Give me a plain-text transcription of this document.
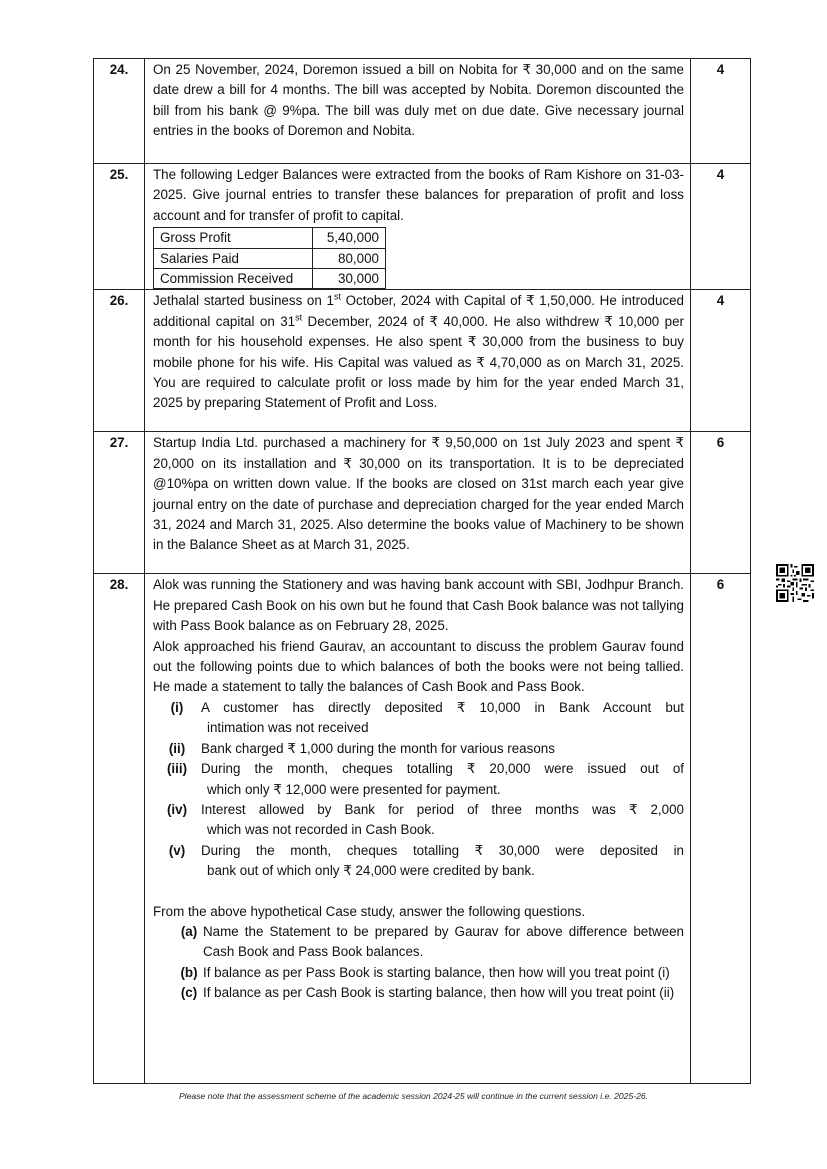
24.	On 25 November, 2024, Doremon issued a bill on Nobita for ₹ 30,000 and on the same date drew a bill for 4 months. The bill was accepted by Nobita. Doremon discounted the bill from his bank @ 9%pa. The bill was duly met on due date. Give necessary journal entries in the books of Doremon and Nobita.	4
25.	The following Ledger Balances were extracted from the books of Ram Kishore on 31-03-2025. Give journal entries to transfer these balances for preparation of profit and loss account and for transfer of profit to capital.

Gross Profit	5,40,000
Salaries Paid	80,000
Commission Received	30,000
	4
26.	Jethalal started business on 1st October, 2024 with Capital of ₹ 1,50,000. He introduced additional capital on 31st December, 2024 of ₹ 40,000. He also withdrew ₹ 10,000 per month for his household expenses. He also spent ₹ 30,000 from the business to buy mobile phone for his wife. His Capital was valued as ₹ 4,70,000 as on March 31, 2025. You are required to calculate profit or loss made by him for the year ended March 31, 2025 by preparing Statement of Profit and Loss.	4
27.	Startup India Ltd. purchased a machinery for ₹ 9,50,000 on 1st July 2023 and spent ₹ 20,000 on its installation and ₹ 30,000 on its transportation. It is to be depreciated @10%pa on written down value. If the books are closed on 31st march each year give journal entry on the date of purchase and depreciation charged for the year ended March 31, 2024 and March 31, 2025. Also determine the books value of Machinery to be shown in the Balance Sheet as at March 31, 2025.	6
28.	Alok was running the Stationery and was having bank account with SBI, Jodhpur Branch. He prepared Cash Book on his own but he found that Cash Book balance was not tallying with Pass Book balance as on February 28, 2025.

Alok approached his friend Gaurav, an accountant to discuss the problem Gaurav found out the following points due to which balances of both the books were not being tallied. He made a statement to tally the balances of Cash Book and Pass Book.

(i)	A customer has directly deposited ₹ 10,000 in Bank Account but
intimation was not received
(ii)	Bank charged ₹ 1,000 during the month for various reasons
(iii)	During the month, cheques totalling ₹ 20,000 were issued out of
which only ₹ 12,000 were presented for payment.
(iv)	Interest allowed by Bank for period of three months was ₹ 2,000
which was not recorded in Cash Book.
(v)	During the month, cheques totalling ₹ 30,000 were deposited in
bank out of which only ₹ 24,000 were credited by bank.

From the above hypothetical Case study, answer the following questions.

(a) Name the Statement to be prepared by Gaurav for above difference between Cash Book and Pass Book balances.
(b) If balance as per Pass Book is starting balance, then how will you treat point (i)
(c) If balance as per Cash Book is starting balance, then how will you treat point (ii)
	6
Please note that the assessment scheme of the academic session 2024-25 will continue in the current session i.e. 2025-26.
